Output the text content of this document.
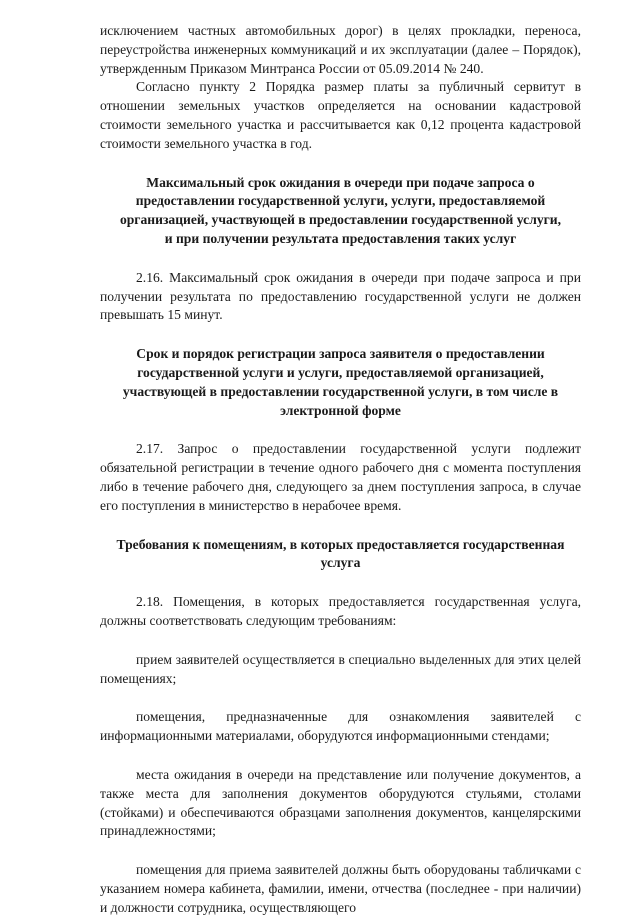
исключением частных автомобильных дорог) в целях прокладки, переноса, переустройства инженерных коммуникаций и их эксплуатации (далее – Порядок), утвержденным Приказом Минтранса России от 05.09.2014 № 240.

Согласно пункту 2 Порядка размер платы за публичный сервитут в отношении земельных участков определяется на основании кадастровой стоимости земельного участка и рассчитывается как 0,12 процента кадастровой стоимости земельного участка в год.

Максимальный срок ожидания в очереди при подаче запроса о предоставлении государственной услуги, услуги, предоставляемой организацией, участвующей в предоставлении государственной услуги, и при получении результата предоставления таких услуг

2.16. Максимальный срок ожидания в очереди при подаче запроса и при получении результата по предоставлению государственной услуги не должен превышать 15 минут.

Срок и порядок регистрации запроса заявителя о предоставлении государственной услуги и услуги, предоставляемой организацией, участвующей в предоставлении государственной услуги, в том числе в электронной форме

2.17. Запрос о предоставлении государственной услуги подлежит обязательной регистрации в течение одного рабочего дня с момента поступления либо в течение рабочего дня, следующего за днем поступления запроса, в случае его поступления в министерство в нерабочее время.

Требования к помещениям, в которых предоставляется государственная услуга

2.18. Помещения, в которых предоставляется государственная услуга, должны соответствовать следующим требованиям:

прием заявителей осуществляется в специально выделенных для этих целей помещениях;

помещения, предназначенные для ознакомления заявителей с информационными материалами, оборудуются информационными стендами;

места ожидания в очереди на представление или получение документов, а также места для заполнения документов оборудуются стульями, столами (стойками) и обеспечиваются образцами заполнения документов, канцелярскими принадлежностями;

помещения для приема заявителей должны быть оборудованы табличками с указанием номера кабинета, фамилии, имени, отчества (последнее - при наличии) и должности сотрудника, осуществляющего
